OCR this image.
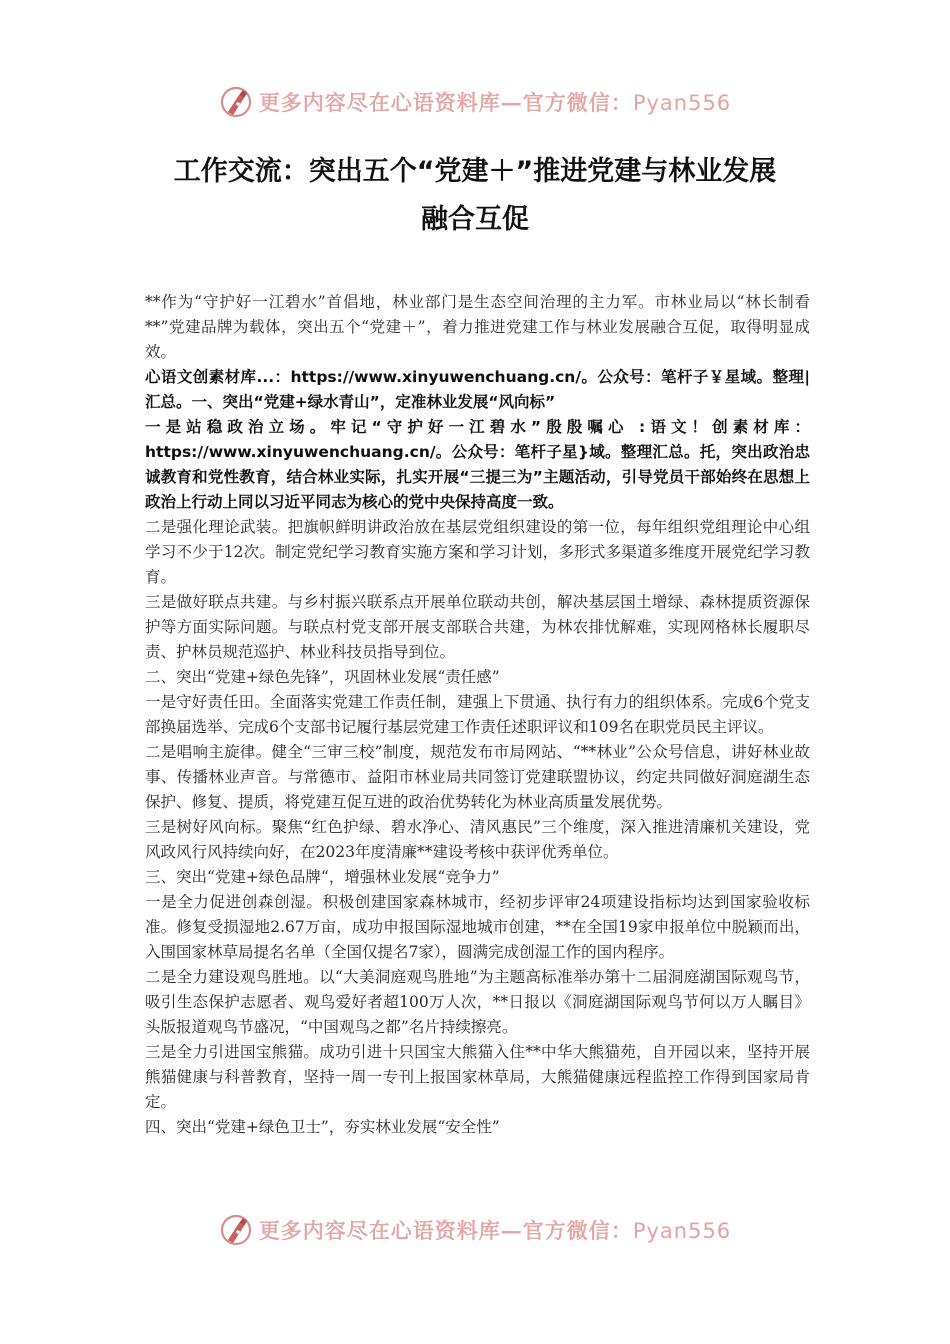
更多内容尽在心语资料库—官方微信：Pyan556
工作交流：突出五个“党建＋”推进党建与林业发展
融合互促

**作为“守护好一江碧水”首倡地，林业部门是生态空间治理的主力军。市林业局以“林长制看**”党建品牌为载体，突出五个“党建＋”，着力推进党建工作与林业发展融合互促，取得明显成效。

心语文创素材库...：https://www.xinyuwenchuang.cn/。公众号：笔杆子￥星域。整理|汇总。一、突出“党建+绿水青山”，定准林业发展“风向标”

一是站稳政治立场。牢记“守护好一江碧水”殷殷嘱心 :语文！创素材库：https://www.xinyuwenchuang.cn/。公众号：笔杆子星}域。整理汇总。托，突出政治忠诚教育和党性教育，结合林业实际，扎实开展“三提三为”主题活动，引导党员干部始终在思想上政治上行动上同以习近平同志为核心的党中央保持高度一致。

二是强化理论武装。把旗帜鲜明讲政治放在基层党组织建设的第一位，每年组织党组理论中心组学习不少于12次。制定党纪学习教育实施方案和学习计划，多形式多渠道多维度开展党纪学习教育。

三是做好联点共建。与乡村振兴联系点开展单位联动共创，解决基层国土增绿、森林提质资源保护等方面实际问题。与联点村党支部开展支部联合共建，为林农排忧解难，实现网格林长履职尽责、护林员规范巡护、林业科技员指导到位。

二、突出“党建+绿色先锋”，巩固林业发展“责任感”

一是守好责任田。全面落实党建工作责任制，建强上下贯通、执行有力的组织体系。完成6个党支部换届选举、完成6个支部书记履行基层党建工作责任述职评议和109名在职党员民主评议。

二是唱响主旋律。健全“三审三校”制度，规范发布市局网站、“**林业”公众号信息，讲好林业故事、传播林业声音。与常德市、益阳市林业局共同签订党建联盟协议，约定共同做好洞庭湖生态保护、修复、提质，将党建互促互进的政治优势转化为林业高质量发展优势。

三是树好风向标。聚焦“红色护绿、碧水净心、清风惠民”三个维度，深入推进清廉机关建设，党风政风行风持续向好，在2023年度清廉**建设考核中获评优秀单位。

三、突出“党建+绿色品牌“，增强林业发展“竞争力”

一是全力促进创森创湿。积极创建国家森林城市，经初步评审24项建设指标均达到国家验收标准。修复受损湿地2.67万亩，成功申报国际湿地城市创建，**在全国19家申报单位中脱颖而出，入围国家林草局提名名单（全国仅提名7家），圆满完成创湿工作的国内程序。

二是全力建设观鸟胜地。以“大美洞庭观鸟胜地”为主题高标准举办第十二届洞庭湖国际观鸟节，吸引生态保护志愿者、观鸟爱好者超100万人次，**日报以《洞庭湖国际观鸟节何以万人瞩目》头版报道观鸟节盛况，“中国观鸟之都”名片持续擦亮。

三是全力引进国宝熊猫。成功引进十只国宝大熊猫入住**中华大熊猫苑，自开园以来，坚持开展熊猫健康与科普教育，坚持一周一专刊上报国家林草局，大熊猫健康远程监控工作得到国家局肯定。

四、突出“党建+绿色卫士”，夯实林业发展“安全性”

更多内容尽在心语资料库—官方微信：Pyan556
